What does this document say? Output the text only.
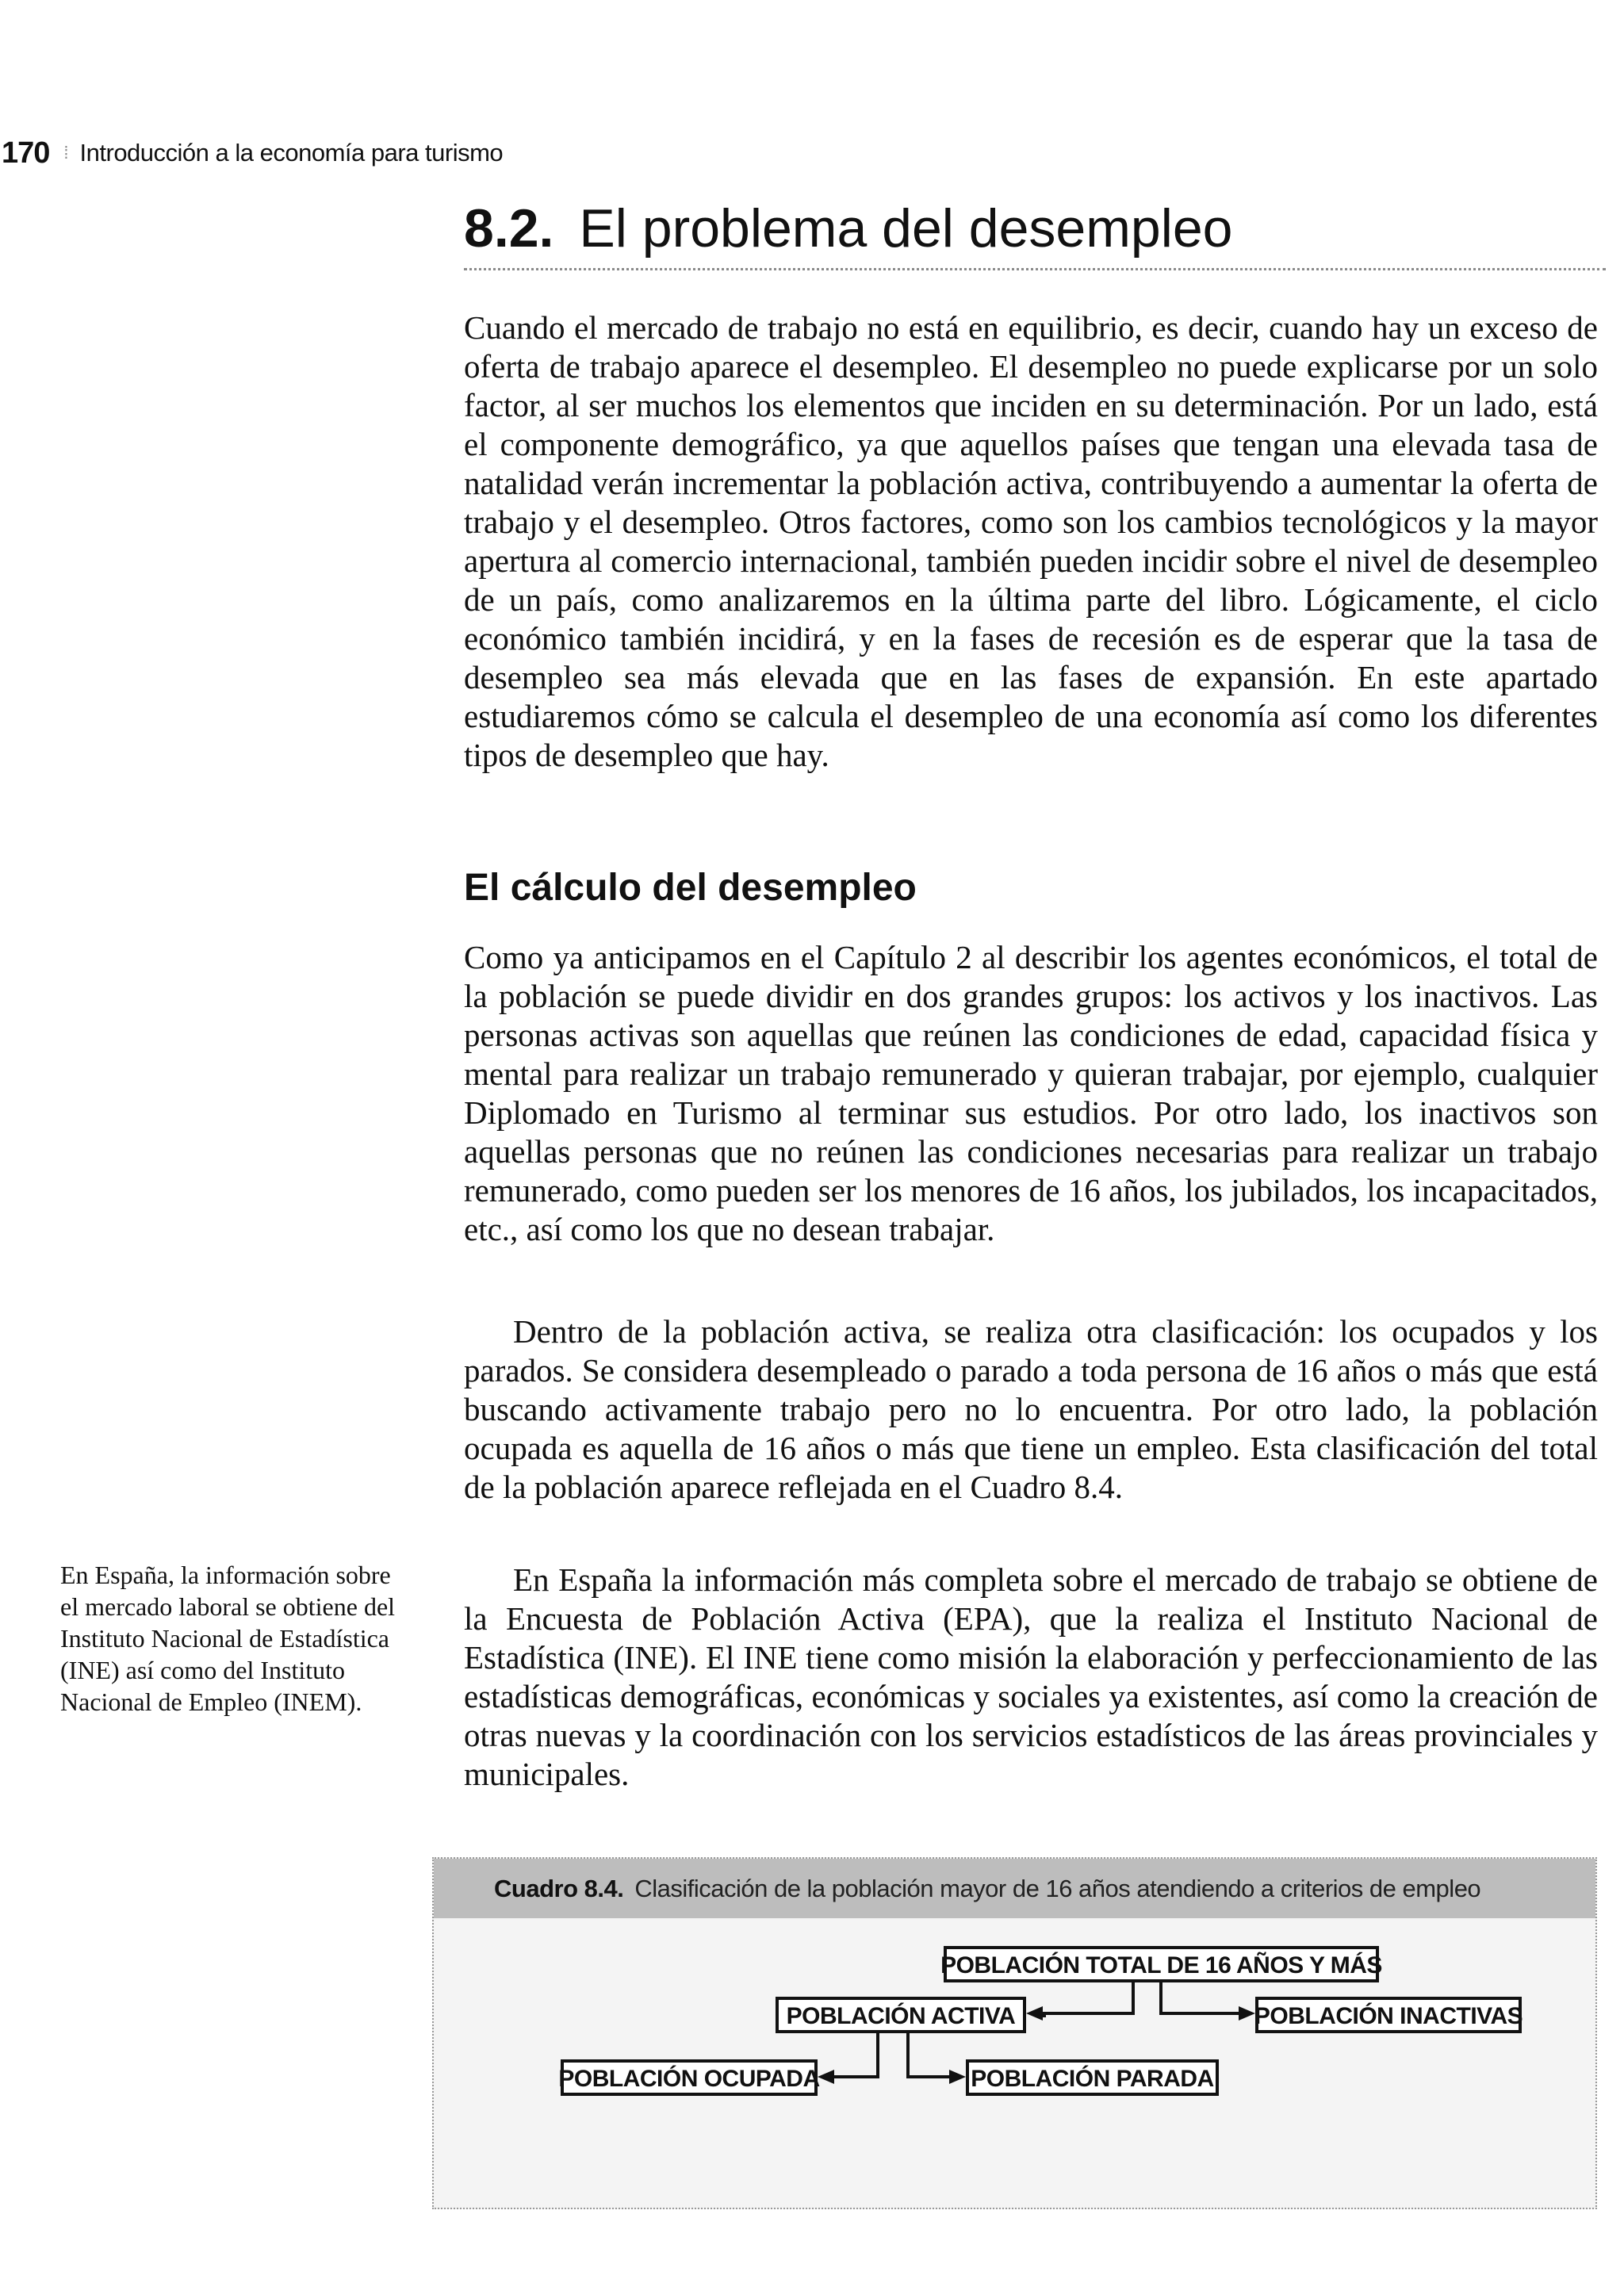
170 ⁞ Introducción a la economía para turismo
8.2. El problema del desempleo

Cuando el mercado de trabajo no está en equilibrio, es decir, cuando hay un exceso de oferta de trabajo aparece el desempleo. El desempleo no puede explicarse por un solo factor, al ser muchos los elementos que inciden en su determinación. Por un lado, está el componente demográfico, ya que aquellos países que tengan una elevada tasa de natalidad verán incrementar la población activa, contribuyendo a aumentar la oferta de trabajo y el desempleo. Otros factores, como son los cambios tecnológicos y la mayor apertura al comercio internacional, también pueden incidir sobre el nivel de desempleo de un país, como analizaremos en la última parte del libro. Lógicamente, el ciclo económico también incidirá, y en la fases de recesión es de esperar que la tasa de desempleo sea más elevada que en las fases de expansión. En este apartado estudiaremos cómo se calcula el desempleo de una economía así como los diferentes tipos de desempleo que hay.

El cálculo del desempleo

Como ya anticipamos en el Capítulo 2 al describir los agentes económicos, el total de la población se puede dividir en dos grandes grupos: los activos y los inactivos. Las personas activas son aquellas que reúnen las condiciones de edad, capacidad física y mental para realizar un trabajo remunerado y quieran trabajar, por ejemplo, cualquier Diplomado en Turismo al terminar sus estudios. Por otro lado, los inactivos son aquellas personas que no reúnen las condiciones necesarias para realizar un trabajo remunerado, como pueden ser los menores de 16 años, los jubilados, los incapacitados, etc., así como los que no desean trabajar.

Dentro de la población activa, se realiza otra clasificación: los ocupados y los parados. Se considera desempleado o parado a toda persona de 16 años o más que está buscando activamente trabajo pero no lo encuentra. Por otro lado, la población ocupada es aquella de 16 años o más que tiene un empleo. Esta clasificación del total de la población aparece reflejada en el Cuadro 8.4.

En España la información más completa sobre el mercado de trabajo se obtiene de la Encuesta de Población Activa (EPA), que la realiza el Instituto Nacional de Estadística (INE). El INE tiene como misión la elaboración y perfeccionamiento de las estadísticas demográficas, económicas y sociales ya existentes, así como la creación de otras nuevas y la coordinación con los servicios estadísticos de las áreas provinciales y municipales.

En España, la información sobre el mercado laboral se obtiene del Instituto Nacional de Estadística (INE) así como del Instituto Nacional de Empleo (INEM).
Cuadro 8.4. Clasificación de la población mayor de 16 años atendiendo a criterios de empleo
POBLACIÓN TOTAL DE 16 AÑOS Y MÁS
POBLACIÓN ACTIVA	POBLACIÓN INACTIVAS
POBLACIÓN OCUPADA	POBLACIÓN PARADA
